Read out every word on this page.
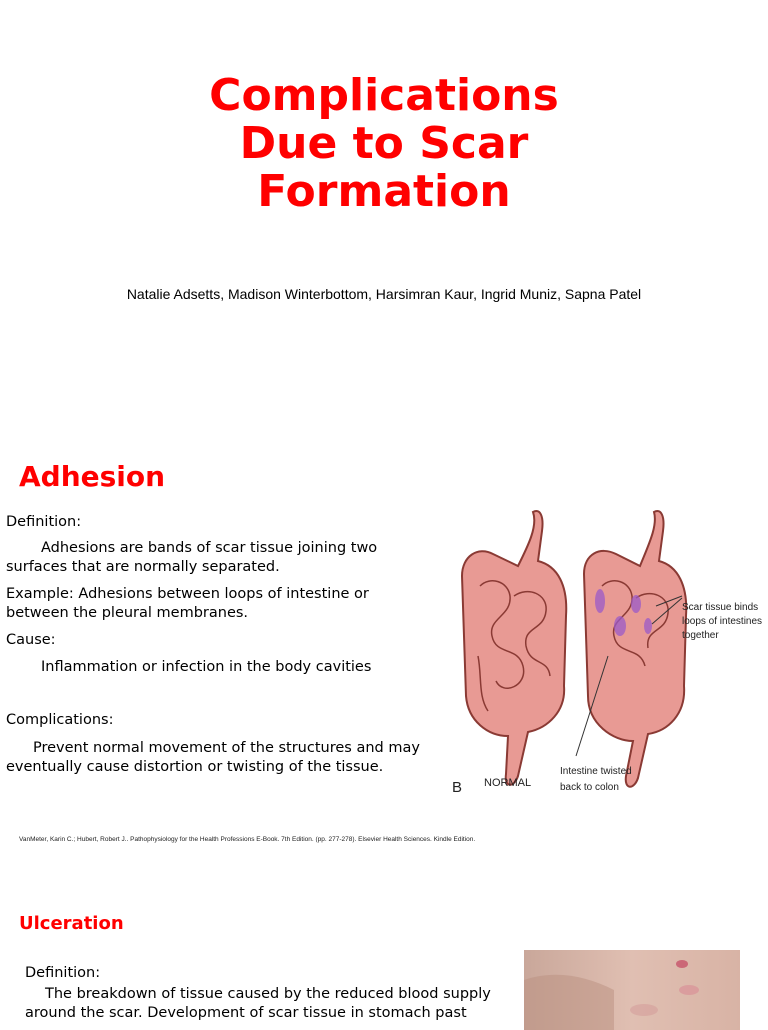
Complications
Due to Scar
Formation
Natalie Adsetts, Madison Winterbottom, Harsimran Kaur, Ingrid Muniz, Sapna Patel
Adhesion
Definition:
Adhesions are bands of scar tissue joining two surfaces that are normally separated.
Example: Adhesions between loops of intestine or between the pleural membranes.
Cause:
Inflammation or infection in the body cavities
Complications:
Prevent normal movement of the structures and may eventually cause distortion or twisting of the tissue.
B NORMAL
Scar tissue binds
loops of intestines
together
Intestine twisted
back to colon
VanMeter, Karin C.; Hubert, Robert J.. Pathophysiology for the Health Professions E-Book. 7th Edition. (pp. 277-278). Elsevier Health Sciences. Kindle Edition.
Ulceration
Definition:
The breakdown of tissue caused by the reduced blood supply around the scar. Development of scar tissue in stomach past
